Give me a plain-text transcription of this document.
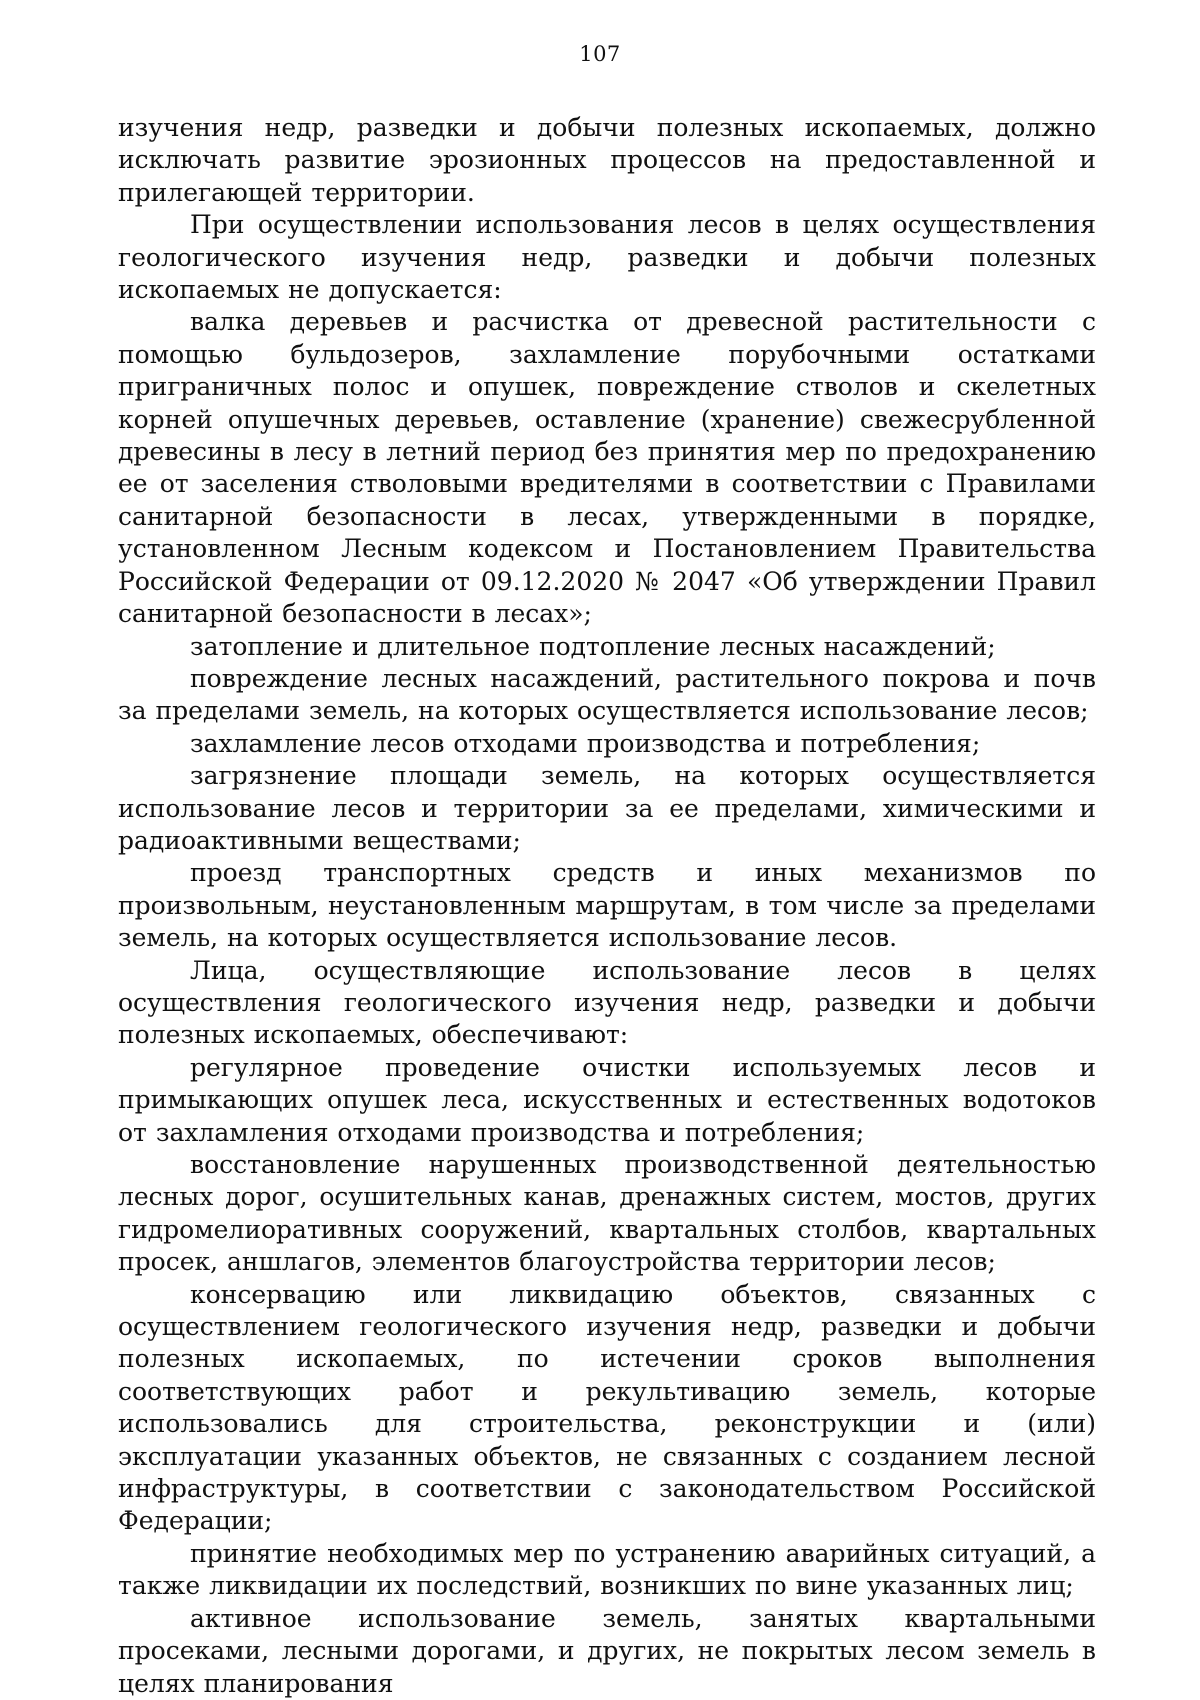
107

изучения недр, разведки и добычи полезных ископаемых, должно исключать развитие эрозионных процессов на предоставленной и прилегающей территории.

При осуществлении использования лесов в целях осуществления геологического изучения недр, разведки и добычи полезных ископаемых не допускается:

валка деревьев и расчистка от древесной растительности с помощью бульдозеров, захламление порубочными остатками приграничных полос и опушек, повреждение стволов и скелетных корней опушечных деревьев, оставление (хранение) свежесрубленной древесины в лесу в летний период без принятия мер по предохранению ее от заселения стволовыми вредителями в соответствии с Правилами санитарной безопасности в лесах, утвержденными в порядке, установленном Лесным кодексом и Постановлением Правительства Российской Федерации от 09.12.2020 № 2047 «Об утверждении Правил санитарной безопасности в лесах»;

затопление и длительное подтопление лесных насаждений;

повреждение лесных насаждений, растительного покрова и почв за пределами земель, на которых осуществляется использование лесов;

захламление лесов отходами производства и потребления;

загрязнение площади земель, на которых осуществляется использование лесов и территории за ее пределами, химическими и радиоактивными веществами;

проезд транспортных средств и иных механизмов по произвольным, неустановленным маршрутам, в том числе за пределами земель, на которых осуществляется использование лесов.

Лица, осуществляющие использование лесов в целях осуществления геологического изучения недр, разведки и добычи полезных ископаемых, обеспечивают:

регулярное проведение очистки используемых лесов и примыкающих опушек леса, искусственных и естественных водотоков от захламления отходами производства и потребления;

восстановление нарушенных производственной деятельностью лесных дорог, осушительных канав, дренажных систем, мостов, других гидромелиоративных сооружений, квартальных столбов, квартальных просек, аншлагов, элементов благоустройства территории лесов;

консервацию или ликвидацию объектов, связанных с осуществлением геологического изучения недр, разведки и добычи полезных ископаемых, по истечении сроков выполнения соответствующих работ и рекультивацию земель, которые использовались для строительства, реконструкции и (или) эксплуатации указанных объектов, не связанных с созданием лесной инфраструктуры, в соответствии с законодательством Российской Федерации;

принятие необходимых мер по устранению аварийных ситуаций, а также ликвидации их последствий, возникших по вине указанных лиц;

активное использование земель, занятых квартальными просеками, лесными дорогами, и других, не покрытых лесом земель в целях планирования
